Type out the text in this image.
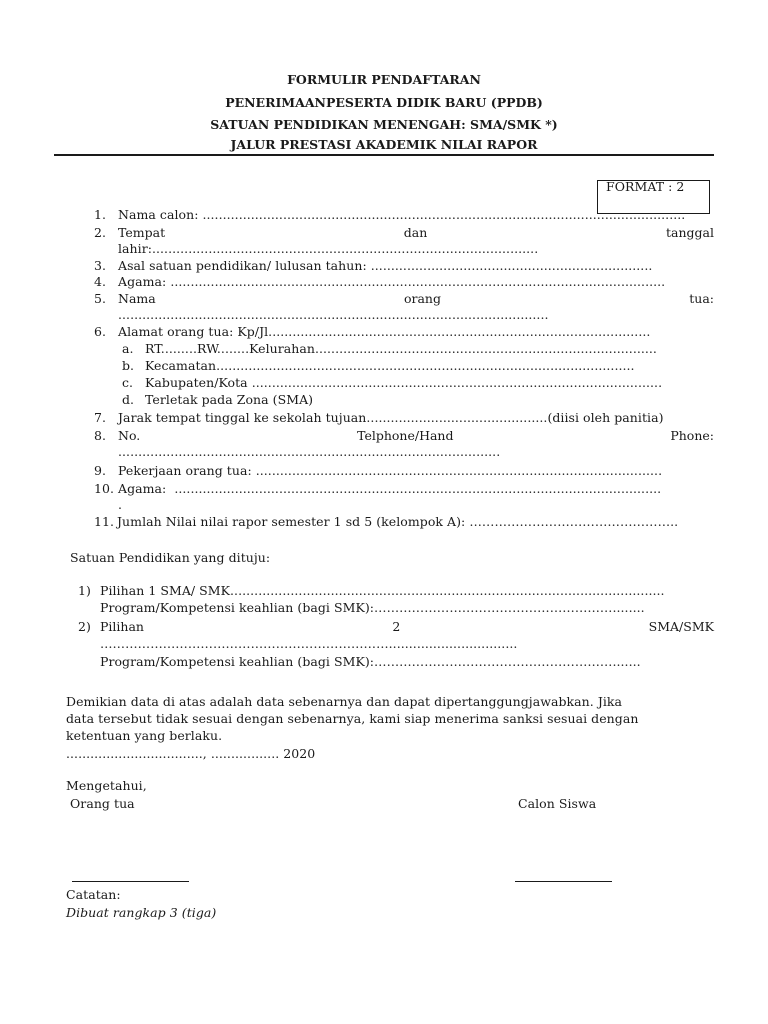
FORMULIR PENDAFTARAN
PENERIMAANPESERTA DIDIK BARU (PPDB)
SATUAN PENDIDIKAN MENENGAH: SMA/SMK *)
JALUR PRESTASI AKADEMIK NILAI RAPOR
FORMAT : 2
1. Nama calon: ........................................................................................................................
2. Tempat	dan	tanggal
lahir:................................................................................................
3. Asal satuan pendidikan/ lulusan tahun: ......................................................................
4. Agama: ...........................................................................................................................
5. Nama	orang	tua:
...........................................................................................................
6. Alamat orang tua: Kp/Jl...............................................................................................
a. RT.........RW........Kelurahan.....................................................................................
b. Kecamatan........................................................................................................
c. Kabupaten/Kota ......................................................................................................
d. Terletak pada Zona (SMA)
7. Jarak tempat tinggal ke sekolah tujuan.............................................(diisi oleh panitia)
8. No.	Telphone/Hand	Phone:
...............................................................................................
9. Pekerjaan orang tua: .....................................................................................................
10. Agama:  .........................................................................................................................
.
11. Jumlah Nilai nilai rapor semester 1 sd 5 (kelompok A): …………………………………………..
Satuan Pendidikan yang dituju:
1) Pilihan 1 SMA/ SMK............................................................................................................
Program/Kompetensi keahlian (bagi SMK):…………………………………………………........
2) Pilihan	2	SMA/SMK
……………………………………………………………................................
Program/Kompetensi keahlian (bagi SMK):………………………………………………….......
Demikian data di atas adalah data sebenarnya dan dapat dipertanggungjawabkan. Jika
data tersebut tidak sesuai dengan sebenarnya, kami siap menerima sanksi sesuai dengan
ketentuan yang berlaku.
.................................., ................. 2020
Mengetahui,
Orang tua	Calon Siswa
Catatan:
Dibuat rangkap 3 (tiga)
